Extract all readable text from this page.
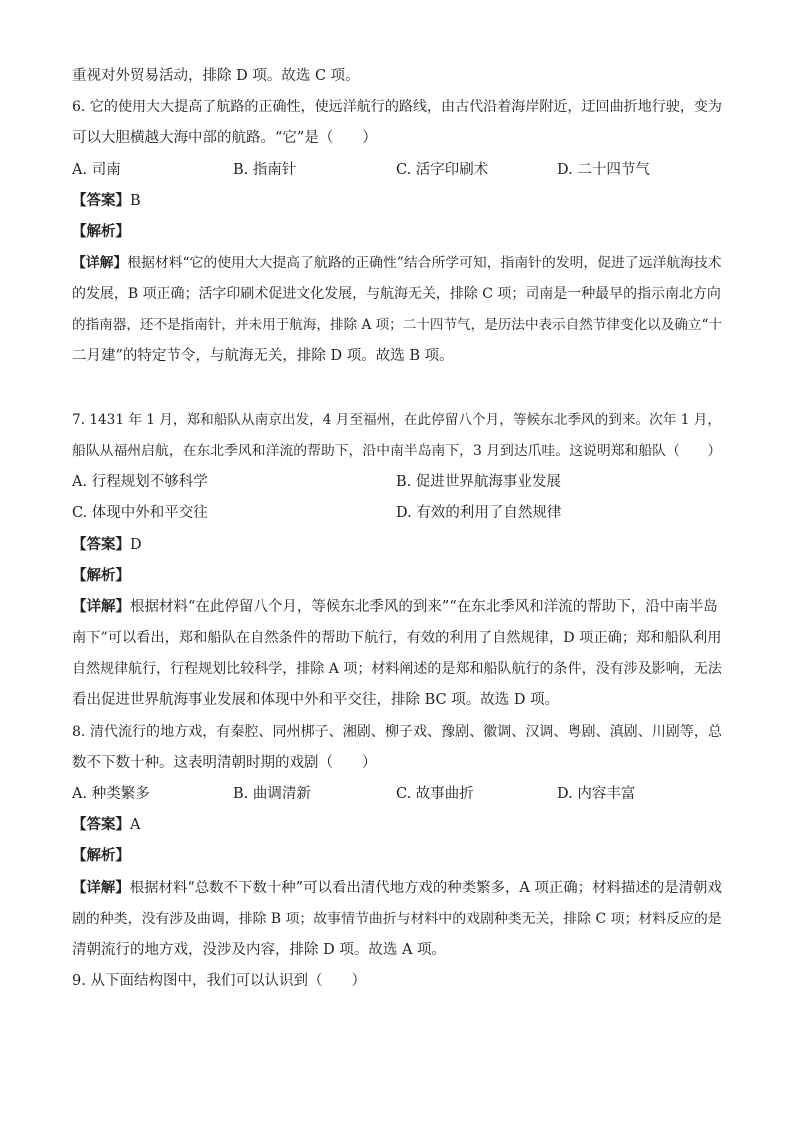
重视对外贸易活动，排除 D 项。故选 C 项。
6. 它的使用大大提高了航路的正确性，使远洋航行的路线，由古代沿着海岸附近，迂回曲折地行驶，变为
可以大胆横越大海中部的航路。“它”是（　　）
A. 司南	B. 指南针	C. 活字印刷术	D. 二十四节气
【答案】B
【解析】
【详解】根据材料“它的使用大大提高了航路的正确性”结合所学可知，指南针的发明，促进了远洋航海技术
的发展，B 项正确；活字印刷术促进文化发展，与航海无关，排除 C 项；司南是一种最早的指示南北方向
的指南器，还不是指南针，并未用于航海，排除 A 项；二十四节气，是历法中表示自然节律变化以及确立“十
二月建”的特定节令，与航海无关，排除 D 项。故选 B 项。
7. 1431 年 1 月，郑和船队从南京出发，4 月至福州，在此停留八个月，等候东北季风的到来。次年 1 月，
船队从福州启航，在东北季风和洋流的帮助下，沿中南半岛南下，3 月到达爪哇。这说明郑和船队（　　）
A. 行程规划不够科学	B. 促进世界航海事业发展
C. 体现中外和平交往	D. 有效的利用了自然规律
【答案】D
【解析】
【详解】根据材料“在此停留八个月，等候东北季风的到来”“在东北季风和洋流的帮助下，沿中南半岛
南下”可以看出，郑和船队在自然条件的帮助下航行，有效的利用了自然规律，D 项正确；郑和船队利用
自然规律航行，行程规划比较科学，排除 A 项；材料阐述的是郑和船队航行的条件，没有涉及影响，无法
看出促进世界航海事业发展和体现中外和平交往，排除 BC 项。故选 D 项。
8. 清代流行的地方戏，有秦腔、同州梆子、湘剧、柳子戏、豫剧、徽调、汉调、粤剧、滇剧、川剧等，总
数不下数十种。这表明清朝时期的戏剧（　　）
A. 种类繁多	B. 曲调清新	C. 故事曲折	D. 内容丰富
【答案】A
【解析】
【详解】根据材料“总数不下数十种”可以看出清代地方戏的种类繁多，A 项正确；材料描述的是清朝戏
剧的种类，没有涉及曲调，排除 B 项；故事情节曲折与材料中的戏剧种类无关，排除 C 项；材料反应的是
清朝流行的地方戏，没涉及内容，排除 D 项。故选 A 项。
9. 从下面结构图中，我们可以认识到（　　）
